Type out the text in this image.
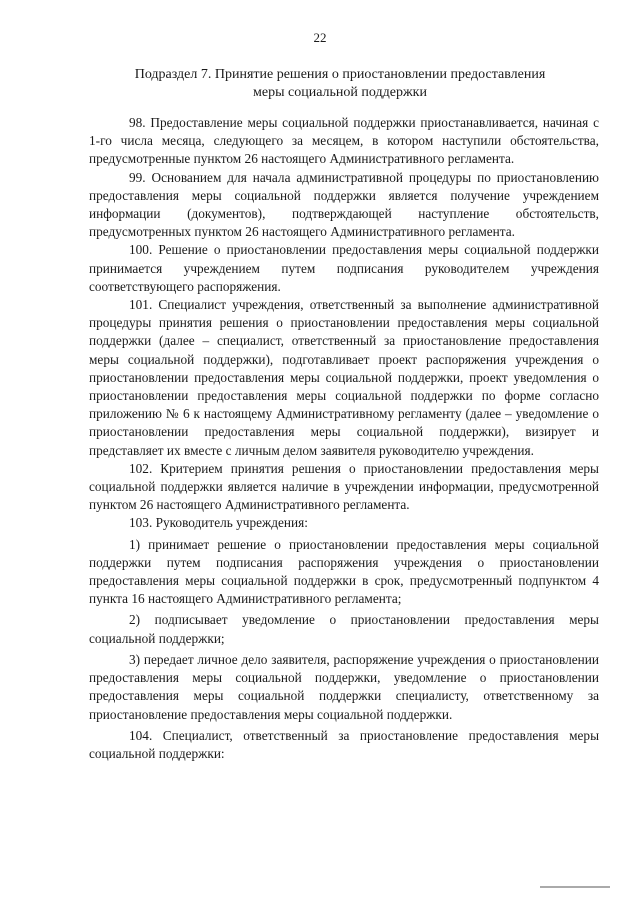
22
Подраздел 7. Принятие решения о приостановлении предоставления
меры социальной поддержки

98. Предоставление меры социальной поддержки приостанавливается, начиная с 1-го числа месяца, следующего за месяцем, в котором наступили обстоятельства, предусмотренные пунктом 26 настоящего Административного регламента.

99. Основанием для начала административной процедуры по приостановлению предоставления меры социальной поддержки является получение учреждением информации (документов), подтверждающей наступление обстоятельств, предусмотренных пунктом 26 настоящего Административного регламента.

100. Решение о приостановлении предоставления меры социальной поддержки принимается учреждением путем подписания руководителем учреждения соответствующего распоряжения.

101. Специалист учреждения, ответственный за выполнение административной процедуры принятия решения о приостановлении предоставления меры социальной поддержки (далее – специалист, ответственный за приостановление предоставления меры социальной поддержки), подготавливает проект распоряжения учреждения о приостановлении предоставления меры социальной поддержки, проект уведомления о приостановлении предоставления меры социальной поддержки по форме согласно приложению № 6 к настоящему Административному регламенту (далее – уведомление о приостановлении предоставления меры социальной поддержки), визирует и представляет их вместе с личным делом заявителя руководителю учреждения.

102. Критерием принятия решения о приостановлении предоставления меры социальной поддержки является наличие в учреждении информации, предусмотренной пунктом 26 настоящего Административного регламента.

103. Руководитель учреждения:

1) принимает решение о приостановлении предоставления меры социальной поддержки путем подписания распоряжения учреждения о приостановлении предоставления меры социальной поддержки в срок, предусмотренный подпунктом 4 пункта 16 настоящего Административного регламента;

2) подписывает уведомление о приостановлении предоставления меры социальной поддержки;

3) передает личное дело заявителя, распоряжение учреждения о приостановлении предоставления меры социальной поддержки, уведомление о приостановлении предоставления меры социальной поддержки специалисту, ответственному за приостановление предоставления меры социальной поддержки.

104. Специалист, ответственный за приостановление предоставления меры социальной поддержки:
